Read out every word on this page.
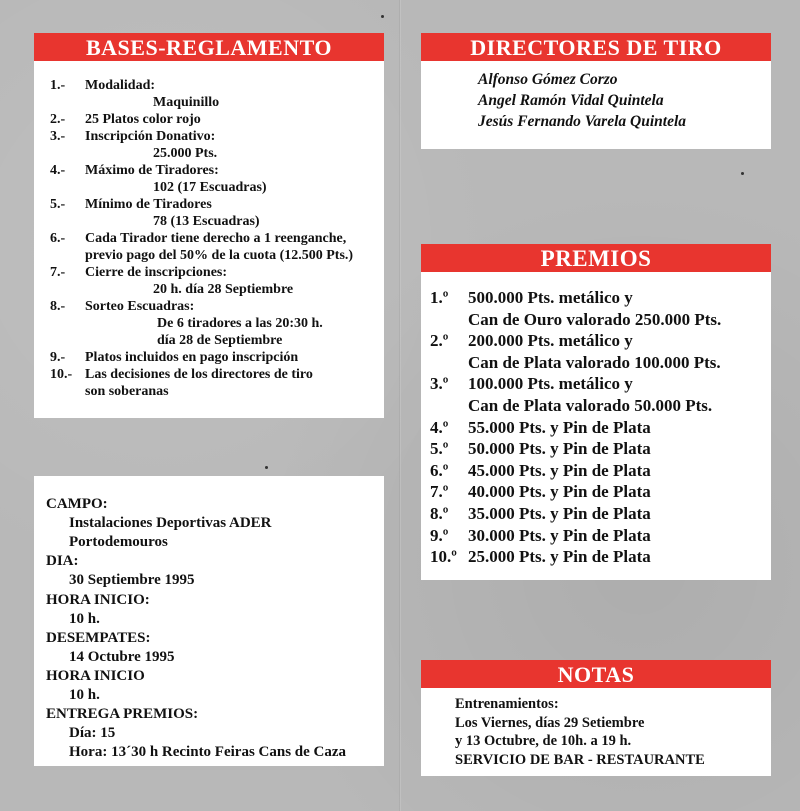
BASES-REGLAMENTO
1.- Modalidad:
Maquinillo
2.- 25 Platos color rojo
3.- Inscripción Donativo:
25.000 Pts.
4.- Máximo de Tiradores:
102 (17 Escuadras)
5.- Mínimo de Tiradores
78 (13 Escuadras)
6.- Cada Tirador tiene derecho a 1 reenganche,
previo pago del 50% de la cuota (12.500 Pts.)
7.- Cierre de inscripciones:
20 h. día 28 Septiembre
8.- Sorteo Escuadras:
De 6 tiradores a las 20:30 h.
día 28 de Septiembre
9.- Platos incluidos en pago inscripción
10.- Las decisiones de los directores de tiro
son soberanas
DIRECTORES DE TIRO
Alfonso Gómez Corzo
Angel Ramón Vidal Quintela
Jesús Fernando Varela Quintela
PREMIOS
1.º 500.000 Pts. metálico y
Can de Ouro valorado 250.000 Pts.
2.º 200.000 Pts. metálico y
Can de Plata valorado 100.000 Pts.
3.º 100.000 Pts. metálico y
Can de Plata valorado 50.000 Pts.
4.º 55.000 Pts. y Pin de Plata
5.º 50.000 Pts. y Pin de Plata
6.º 45.000 Pts. y Pin de Plata
7.º 40.000 Pts. y Pin de Plata
8.º 35.000 Pts. y Pin de Plata
9.º 30.000 Pts. y Pin de Plata
10.º 25.000 Pts. y Pin de Plata
CAMPO:
Instalaciones Deportivas ADER
Portodemouros
DIA:
30 Septiembre 1995
HORA INICIO:
10 h.
DESEMPATES:
14 Octubre 1995
HORA INICIO
10 h.
ENTREGA PREMIOS:
Día: 15
Hora: 13´30 h Recinto Feiras Cans de Caza
NOTAS
Entrenamientos:
Los Viernes, días 29 Setiembre
y 13 Octubre, de 10h. a 19 h.
SERVICIO DE BAR - RESTAURANTE
